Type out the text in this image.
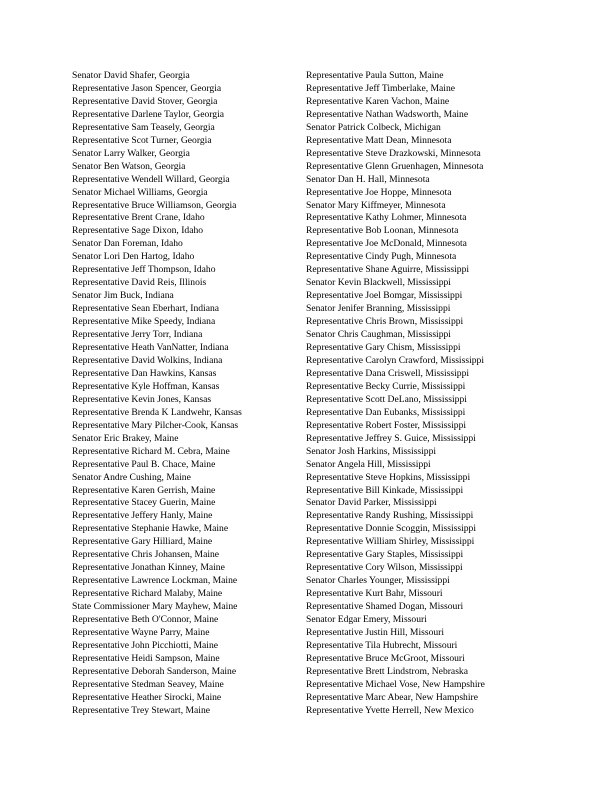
Senator David Shafer, Georgia
Representative Jason Spencer, Georgia
Representative David Stover, Georgia
Representative Darlene Taylor, Georgia
Representative Sam Teasely, Georgia
Representative Scot Turner, Georgia
Senator Larry Walker, Georgia
Senator Ben Watson, Georgia
Representative Wendell Willard, Georgia
Senator Michael Williams, Georgia
Representative Bruce Williamson, Georgia
Representative Brent Crane, Idaho
Representative Sage Dixon, Idaho
Senator Dan Foreman, Idaho
Senator Lori Den Hartog, Idaho
Representative Jeff Thompson, Idaho
Representative David Reis, Illinois
Senator Jim Buck, Indiana
Representative Sean Eberhart, Indiana
Representative Mike Speedy, Indiana
Representative Jerry Torr, Indiana
Representative Heath VanNatter, Indiana
Representative David Wolkins, Indiana
Representative Dan Hawkins, Kansas
Representative Kyle Hoffman, Kansas
Representative Kevin Jones, Kansas
Representative Brenda K Landwehr, Kansas
Representative Mary Pilcher-Cook, Kansas
Senator Eric Brakey, Maine
Representative Richard M. Cebra, Maine
Representative Paul B. Chace, Maine
Senator Andre Cushing, Maine
Representative Karen Gerrish, Maine
Representative Stacey Guerin, Maine
Representative Jeffery Hanly, Maine
Representative Stephanie Hawke, Maine
Representative Gary Hilliard, Maine
Representative Chris Johansen, Maine
Representative Jonathan Kinney, Maine
Representative Lawrence Lockman, Maine
Representative Richard Malaby, Maine
State Commissioner Mary Mayhew, Maine
Representative Beth O'Connor, Maine
Representative Wayne Parry, Maine
Representative John Picchiotti, Maine
Representative Heidi Sampson, Maine
Representative Deborah Sanderson, Maine
Representative Stedman Seavey, Maine
Representative Heather Sirocki, Maine
Representative Trey Stewart, Maine
Representative Paula Sutton, Maine
Representative Jeff Timberlake, Maine
Representative Karen Vachon, Maine
Representative Nathan Wadsworth, Maine
Senator Patrick Colbeck, Michigan
Representative Matt Dean, Minnesota
Representative Steve Drazkowski, Minnesota
Representative Glenn Gruenhagen, Minnesota
Senator Dan H. Hall, Minnesota
Representative Joe Hoppe, Minnesota
Senator Mary Kiffmeyer, Minnesota
Representative Kathy Lohmer, Minnesota
Representative Bob Loonan, Minnesota
Representative Joe McDonald, Minnesota
Representative Cindy Pugh, Minnesota
Representative Shane Aguirre, Mississippi
Senator Kevin Blackwell, Mississippi
Representative Joel Bomgar, Mississippi
Senator Jenifer Branning, Mississippi
Representative Chris Brown, Mississippi
Senator Chris Caughman, Mississippi
Representative Gary Chism, Mississippi
Representative Carolyn Crawford, Mississippi
Representative Dana Criswell, Mississippi
Representative Becky Currie, Mississippi
Representative Scott DeLano, Mississippi
Representative Dan Eubanks, Mississippi
Representative Robert Foster, Mississippi
Representative Jeffrey S. Guice, Mississippi
Senator Josh Harkins, Mississippi
Senator Angela Hill, Mississippi
Representative Steve Hopkins, Mississippi
Representative Bill Kinkade, Mississippi
Senator David Parker, Mississippi
Representative Randy Rushing, Mississippi
Representative Donnie Scoggin, Mississippi
Representative William Shirley, Mississippi
Representative Gary Staples, Mississippi
Representative Cory Wilson, Mississippi
Senator Charles Younger, Mississippi
Representative Kurt Bahr, Missouri
Representative Shamed Dogan, Missouri
Senator Edgar Emery, Missouri
Representative Justin Hill, Missouri
Representative Tila Hubrecht, Missouri
Representative Bruce McGroot, Missouri
Representative Brett Lindstrom, Nebraska
Representative Michael Vose, New Hampshire
Representative Marc Abear, New Hampshire
Representative Yvette Herrell, New Mexico
